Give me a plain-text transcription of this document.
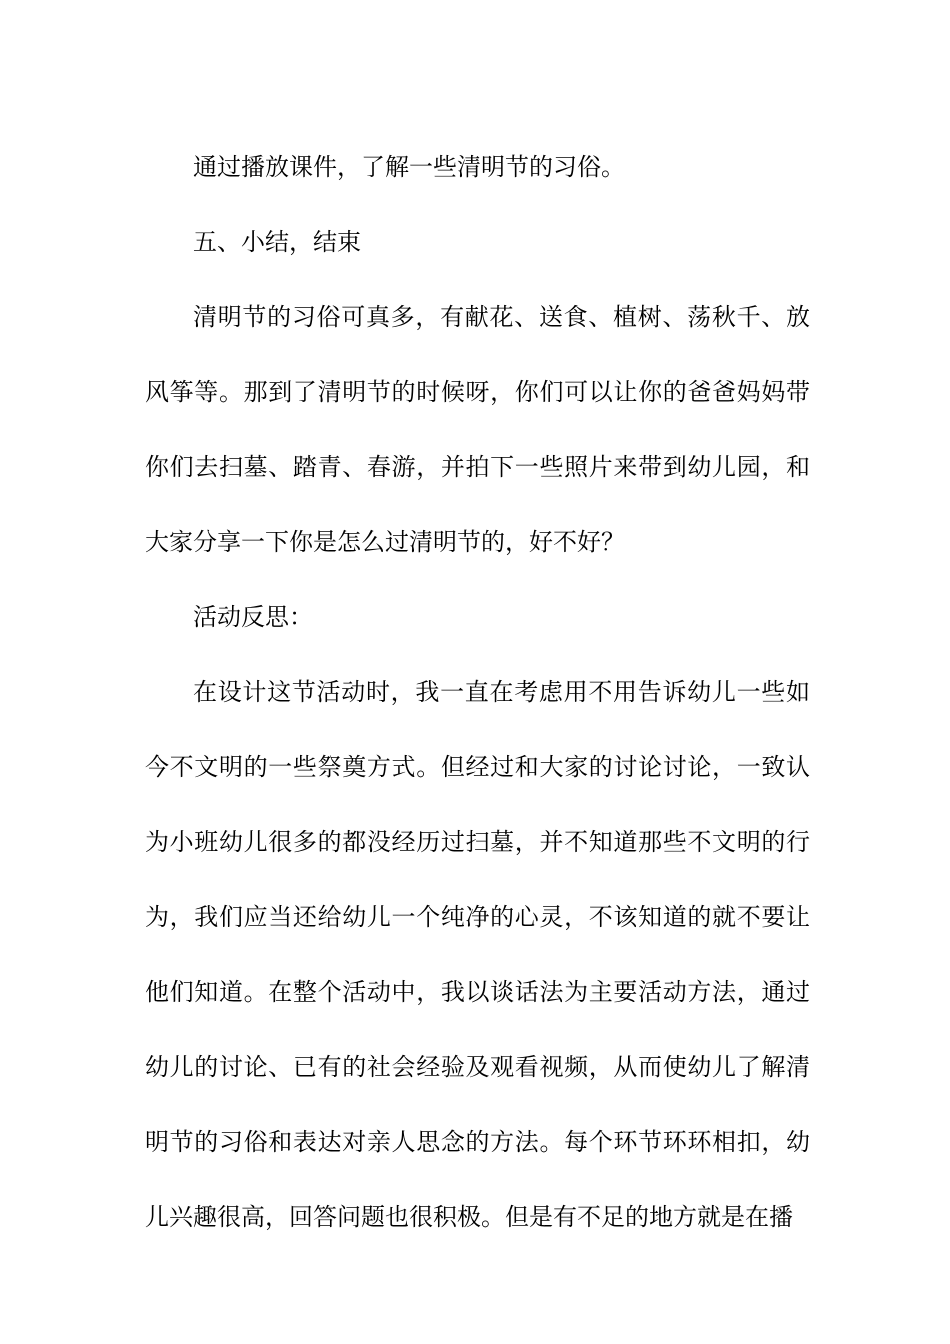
通过播放课件，了解一些清明节的习俗。

五、小结，结束

清明节的习俗可真多，有献花、送食、植树、荡秋千、放风筝等。那到了清明节的时候呀，你们可以让你的爸爸妈妈带你们去扫墓、踏青、春游，并拍下一些照片来带到幼儿园，和大家分享一下你是怎么过清明节的，好不好？

活动反思：

在设计这节活动时，我一直在考虑用不用告诉幼儿一些如今不文明的一些祭奠方式。但经过和大家的讨论讨论，一致认为小班幼儿很多的都没经历过扫墓，并不知道那些不文明的行为，我们应当还给幼儿一个纯净的心灵，不该知道的就不要让他们知道。在整个活动中，我以谈话法为主要活动方法，通过幼儿的讨论、已有的社会经验及观看视频，从而使幼儿了解清明节的习俗和表达对亲人思念的方法。每个环节环环相扣，幼儿兴趣很高，回答问题也很积极。但是有不足的地方就是在播
